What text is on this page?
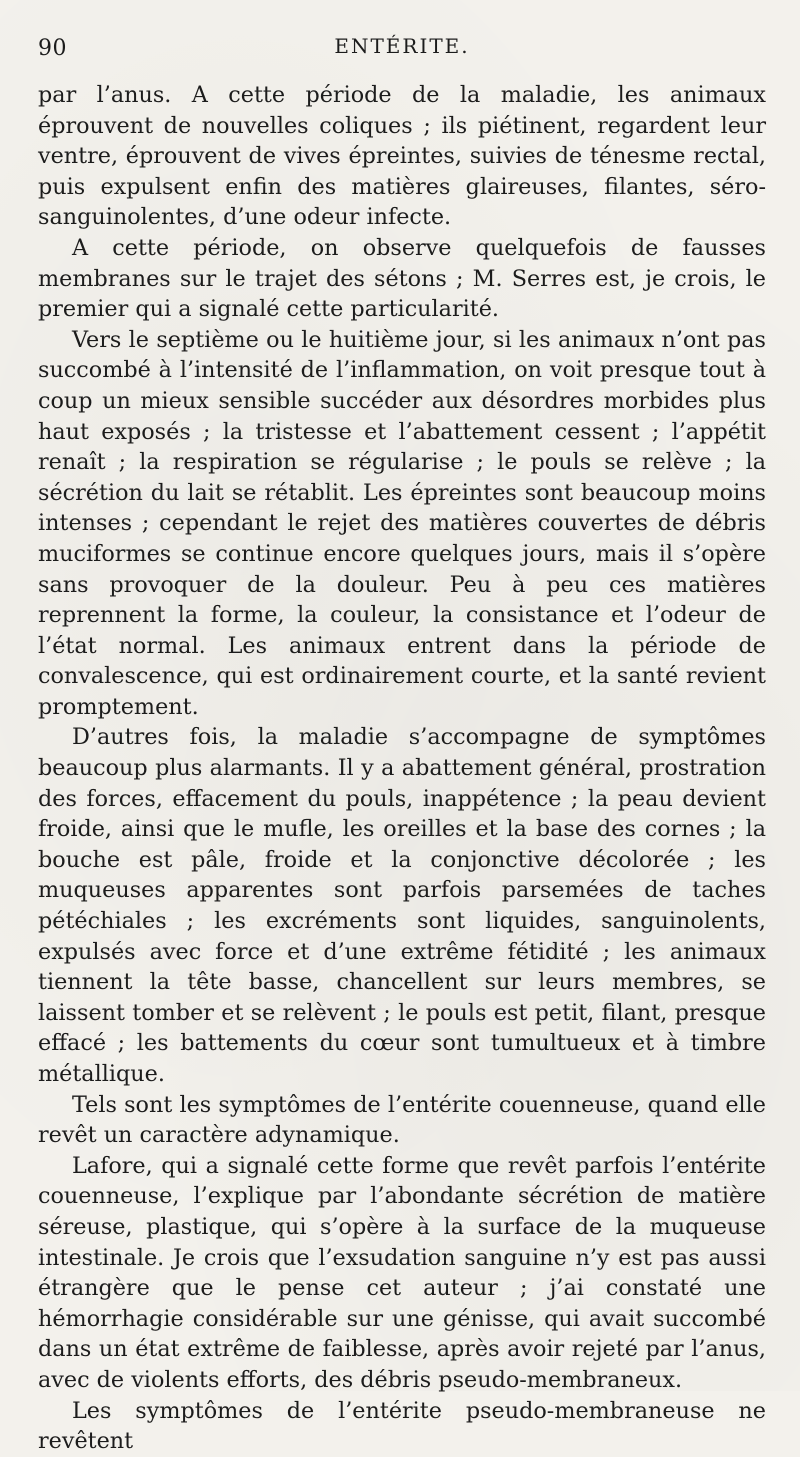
90	ENTÉRITE.

par l’anus. A cette période de la maladie, les animaux éprouvent de nouvelles coliques ; ils piétinent, regardent leur ventre, éprouvent de vives épreintes, suivies de ténesme rectal, puis expulsent enfin des matières glaireuses, filantes, séro-sanguinolentes, d’une odeur infecte.

A cette période, on observe quelquefois de fausses membranes sur le trajet des sétons ; M. Serres est, je crois, le premier qui a signalé cette particularité.

Vers le septième ou le huitième jour, si les animaux n’ont pas succombé à l’intensité de l’inflammation, on voit presque tout à coup un mieux sensible succéder aux désordres morbides plus haut exposés ; la tristesse et l’abattement cessent ; l’appétit renaît ; la respiration se régularise ; le pouls se relève ; la sécrétion du lait se rétablit. Les épreintes sont beaucoup moins intenses ; cependant le rejet des matières couvertes de débris muciformes se continue encore quelques jours, mais il s’opère sans provoquer de la douleur. Peu à peu ces matières reprennent la forme, la couleur, la consistance et l’odeur de l’état normal. Les animaux entrent dans la période de convalescence, qui est ordinairement courte, et la santé revient promptement.

D’autres fois, la maladie s’accompagne de symptômes beaucoup plus alarmants. Il y a abattement général, prostration des forces, effacement du pouls, inappétence ; la peau devient froide, ainsi que le mufle, les oreilles et la base des cornes ; la bouche est pâle, froide et la conjonctive décolorée ; les muqueuses apparentes sont parfois parsemées de taches pétéchiales ; les excréments sont liquides, sanguinolents, expulsés avec force et d’une extrême fétidité ; les animaux tiennent la tête basse, chancellent sur leurs membres, se laissent tomber et se relèvent ; le pouls est petit, filant, presque effacé ; les battements du cœur sont tumultueux et à timbre métallique.

Tels sont les symptômes de l’entérite couenneuse, quand elle revêt un caractère adynamique.

Lafore, qui a signalé cette forme que revêt parfois l’entérite couenneuse, l’explique par l’abondante sécrétion de matière séreuse, plastique, qui s’opère à la surface de la muqueuse intestinale. Je crois que l’exsudation sanguine n’y est pas aussi étrangère que le pense cet auteur ; j’ai constaté une hémorrhagie considérable sur une génisse, qui avait succombé dans un état extrême de faiblesse, après avoir rejeté par l’anus, avec de violents efforts, des débris pseudo-membraneux.

Les symptômes de l’entérite pseudo-membraneuse ne revêtent
